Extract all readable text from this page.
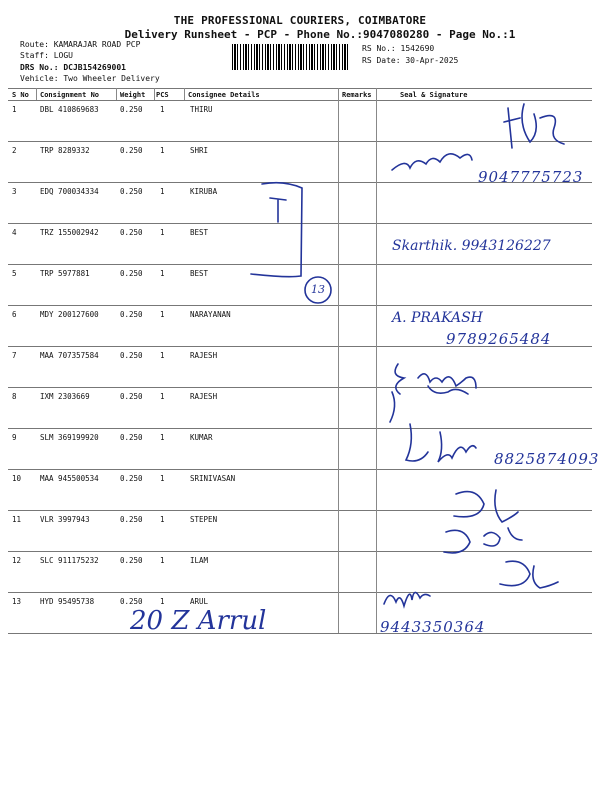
THE PROFESSIONAL COURIERS, COIMBATORE
Delivery Runsheet - PCP - Phone No.:9047080280 - Page No.:1
Route: KAMARAJAR ROAD PCP
Staff: LOGU
DRS No.: DCJB154269001
Vehicle: Two Wheeler Delivery
RS No.: 1542690
RS Date: 30-Apr-2025
S No Consignment No	Weight PCS	Consignee Details	Remarks	Seal & Signature
1	DBL 410869683	0.250 1	THIRU
2	TRP 8289332	0.250 1	SHRI
3	EDQ 700034334	0.250 1	KIRUBA
4	TRZ 155002942	0.250 1	BEST
5	TRP 5977881	0.250 1	BEST
6	MDY 200127600	0.250 1	NARAYANAN
7	MAA 707357584	0.250 1	RAJESH
8	IXM 2303669	0.250 1	RAJESH
9	SLM 369199920	0.250 1	KUMAR
10	MAA 945500534	0.250 1	SRINIVASAN
11	VLR 3997943	0.250 1	STEPEN
12	SLC 911175232	0.250 1	ILAM
13	HYD 95495738	0.250 1	ARUL
9047775723
Skarthik. 9943126227
13
A. PRAKASH
9789265484
8825874093
9443350364
20 Z Arrul
